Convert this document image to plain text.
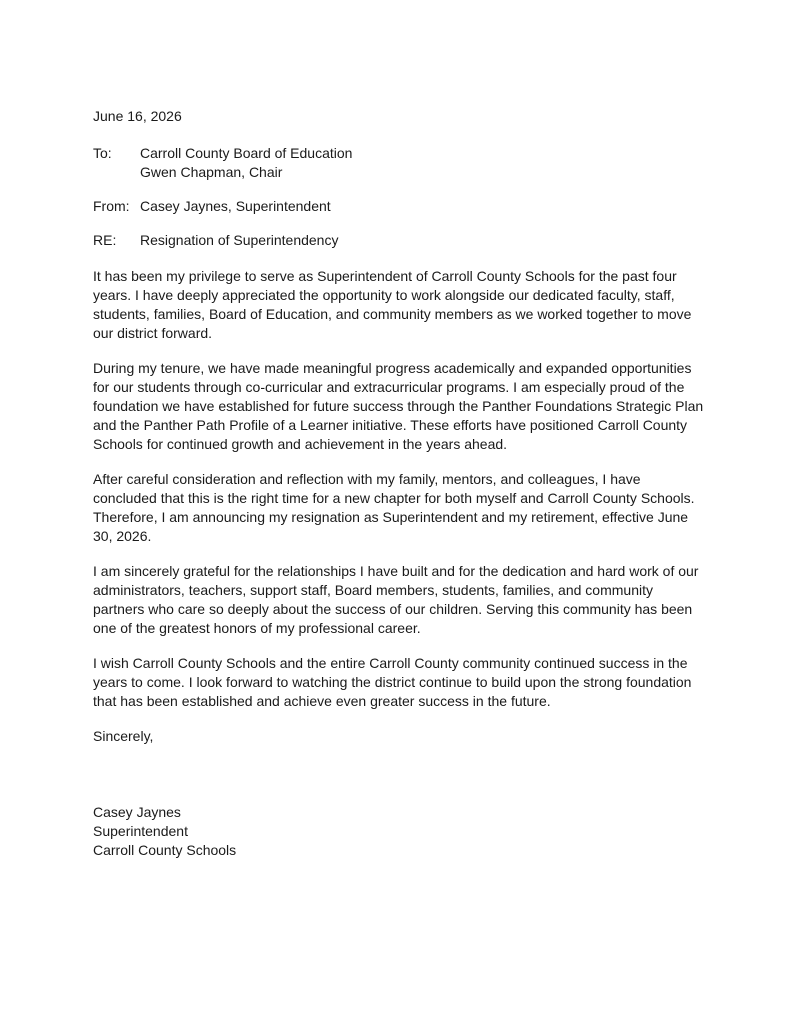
June 16, 2026
To:	Carroll County Board of Education
Gwen Chapman, Chair
From: Casey Jaynes, Superintendent
RE:	Resignation of Superintendency

It has been my privilege to serve as Superintendent of Carroll County Schools for the past four years. I have deeply appreciated the opportunity to work alongside our dedicated faculty, staff, students, families, Board of Education, and community members as we worked together to move our district forward.

During my tenure, we have made meaningful progress academically and expanded opportunities for our students through co-curricular and extracurricular programs. I am especially proud of the foundation we have established for future success through the Panther Foundations Strategic Plan and the Panther Path Profile of a Learner initiative. These efforts have positioned Carroll County Schools for continued growth and achievement in the years ahead.

After careful consideration and reflection with my family, mentors, and colleagues, I have concluded that this is the right time for a new chapter for both myself and Carroll County Schools. Therefore, I am announcing my resignation as Superintendent and my retirement, effective June 30, 2026.

I am sincerely grateful for the relationships I have built and for the dedication and hard work of our administrators, teachers, support staff, Board members, students, families, and community partners who care so deeply about the success of our children. Serving this community has been one of the greatest honors of my professional career.

I wish Carroll County Schools and the entire Carroll County community continued success in the years to come. I look forward to watching the district continue to build upon the strong foundation that has been established and achieve even greater success in the future.

Sincerely,

Casey Jaynes

Superintendent

Carroll County Schools
